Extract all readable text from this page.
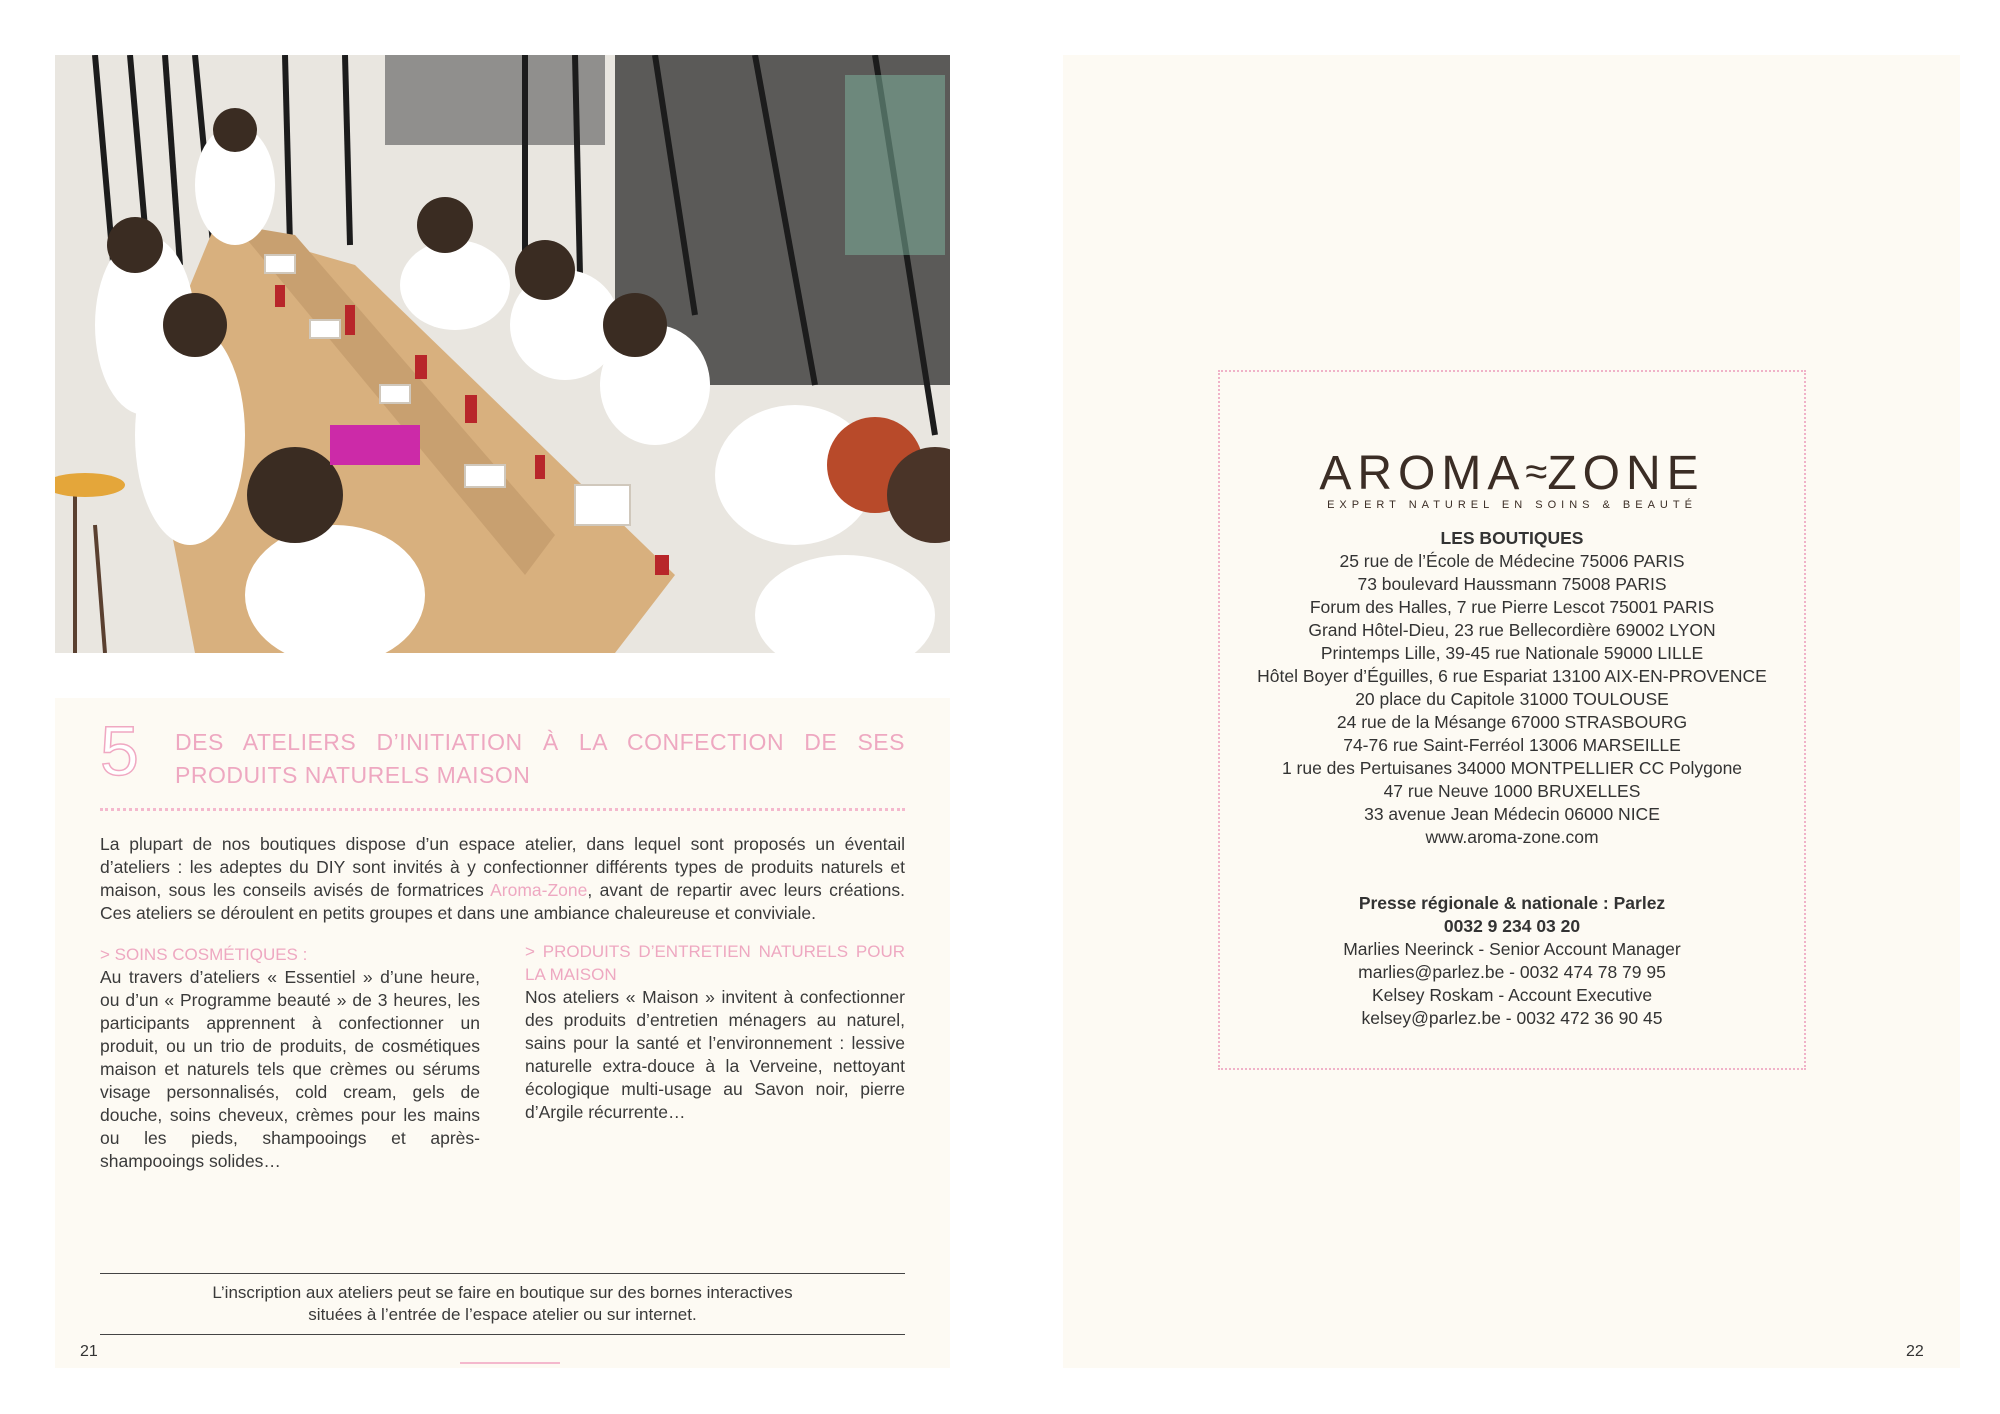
5 DES ATELIERS D’INITIATION À LA CONFECTION DE SES PRODUITS NATURELS MAISON
La plupart de nos boutiques dispose d’un espace atelier, dans lequel sont proposés un éventail d’ateliers : les adeptes du DIY sont invités à y confectionner différents types de produits naturels et maison, sous les conseils avisés de formatrices Aroma-Zone, avant de repartir avec leurs créations. Ces ateliers se déroulent en petits groupes et dans une ambiance chaleureuse et conviviale.
> SOINS COSMÉTIQUES :
Au travers d’ateliers « Essentiel » d’une heure, ou d’un « Programme beauté » de 3 heures, les participants apprennent à confectionner un produit, ou un trio de produits, de cosmétiques maison et naturels tels que crèmes ou sérums visage personnalisés, cold cream, gels de douche, soins cheveux, crèmes pour les mains ou les pieds, shampooings et après-shampooings solides…
> PRODUITS D’ENTRETIEN NATURELS POUR LA MAISON
Nos ateliers « Maison » invitent à confectionner des produits d’entretien ménagers au naturel, sains pour la santé et l’environnement : lessive naturelle extra-douce à la Verveine, nettoyant écologique multi-usage au Savon noir, pierre d’Argile récurrente…
L’inscription aux ateliers peut se faire en boutique sur des bornes interactives
situées à l’entrée de l’espace atelier ou sur internet.
21
AROMA≈ZONE
EXPERT NATUREL EN SOINS & BEAUTÉ
LES BOUTIQUES
25 rue de l’École de Médecine 75006 PARIS
73 boulevard Haussmann 75008 PARIS
Forum des Halles, 7 rue Pierre Lescot 75001 PARIS
Grand Hôtel-Dieu, 23 rue Bellecordière 69002 LYON
Printemps Lille, 39-45 rue Nationale 59000 LILLE
Hôtel Boyer d’Éguilles, 6 rue Espariat 13100 AIX-EN-PROVENCE
20 place du Capitole 31000 TOULOUSE
24 rue de la Mésange 67000 STRASBOURG
74-76 rue Saint-Ferréol 13006 MARSEILLE
1 rue des Pertuisanes 34000 MONTPELLIER CC Polygone
47 rue Neuve 1000 BRUXELLES
33 avenue Jean Médecin 06000 NICE
www.aroma-zone.com
Presse régionale & nationale : Parlez
0032 9 234 03 20
Marlies Neerinck - Senior Account Manager
marlies@parlez.be - 0032 474 78 79 95
Kelsey Roskam - Account Executive
kelsey@parlez.be - 0032 472 36 90 45
22
